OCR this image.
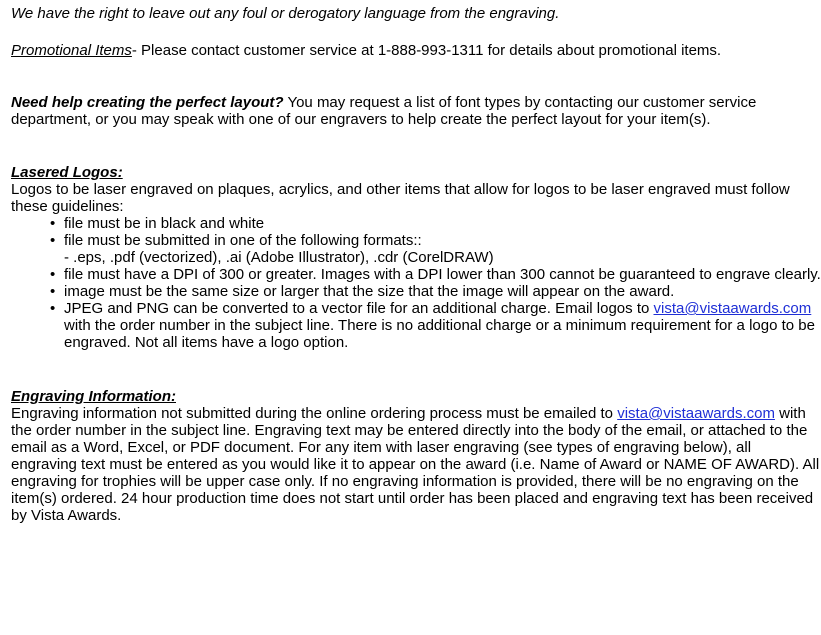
We have the right to leave out any foul or derogatory language from the engraving.

Promotional Items- Please contact customer service at 1-888-993-1311 for details about promotional items.

Need help creating the perfect layout? You may request a list of font types by contacting our customer service department, or you may speak with one of our engravers to help create the perfect layout for your item(s).

Lasered Logos:

Logos to be laser engraved on plaques, acrylics, and other items that allow for logos to be laser engraved must follow these guidelines:

• file must be in black and white
• file must be submitted in one of the following formats::
- .eps, .pdf (vectorized), .ai (Adobe Illustrator), .cdr (CorelDRAW)
• file must have a DPI of 300 or greater. Images with a DPI lower than 300 cannot be guaranteed to engrave clearly.
• image must be the same size or larger that the size that the image will appear on the award.
• JPEG and PNG can be converted to a vector file for an additional charge. Email logos to vista@vistaawards.com with the order number in the subject line. There is no additional charge or a minimum requirement for a logo to be engraved. Not all items have a logo option.

Engraving Information:

Engraving information not submitted during the online ordering process must be emailed to vista@vistaawards.com with the order number in the subject line. Engraving text may be entered directly into the body of the email, or attached to the email as a Word, Excel, or PDF document. For any item with laser engraving (see types of engraving below), all engraving text must be entered as you would like it to appear on the award (i.e. Name of Award or NAME OF AWARD). All engraving for trophies will be upper case only. If no engraving information is provided, there will be no engraving on the item(s) ordered. 24 hour production time does not start until order has been placed and engraving text has been received by Vista Awards.
